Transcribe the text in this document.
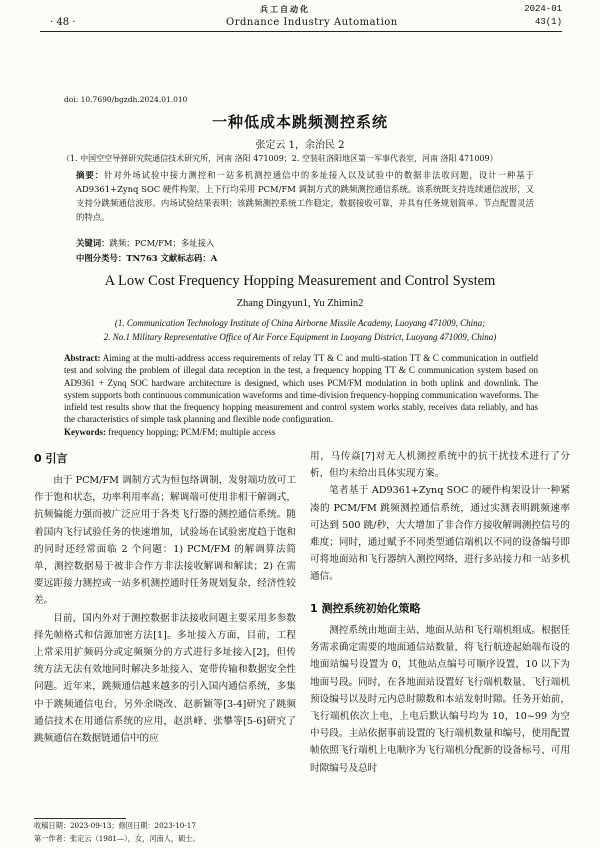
兵工自动化	2024-01
· 48 ·	Ordnance Industry Automation	43(1)
doi: 10.7690/bgzdh.2024.01.010
一种低成本跳频测控系统
张定云 1，余治民 2
（1. 中国空空导弹研究院通信技术研究所，河南 洛阳 471009；2. 空装驻洛阳地区第一军事代表室，河南 洛阳 471009）
摘要：针对外场试验中接力测控和一站多机测控通信中的多址接入以及试验中的数据非法收问题，设计一种基于 AD9361+Zynq SOC 硬件构架，上下行均采用 PCM/FM 调制方式的跳频测控通信系统。该系统既支持连续通信波形，又支持分跳频通信波形。内场试验结果表明：该跳频测控系统工作稳定，数据接收可靠，并具有任务规划简单、节点配置灵活的特点。
关键词：跳频；PCM/FM；多址接入
中图分类号：TN763 文献标志码：A
A Low Cost Frequency Hopping Measurement and Control System
Zhang Dingyun1, Yu Zhimin2
(1. Communication Technology Institute of China Airborne Missile Academy, Luoyang 471009, China;
2. No.1 Military Representative Office of Air Force Equipment in Luoyang District, Luoyang 471009, China)
Abstract: Aiming at the multi-address access requirements of relay TT & C and multi-station TT & C communication in outfield test and solving the problem of illegal data reception in the test, a frequency hopping TT & C communication system based on AD9361 + Zynq SOC hardware architecture is designed, which uses PCM/FM modulation in both uplink and downlink. The system supports both continuous communication waveforms and time-division frequency-hopping communication waveforms. The infield test results show that the frequency hopping measurement and control system works stably, receives data reliably, and has the characteristics of simple task planning and flexible node configuration.
Keywords: frequency hopping; PCM/FM; multiple access
0 引言

由于 PCM/FM 调制方式为恒包络调制，发射端功放可工作于饱和状态，功率利用率高；解调端可使用非相干解调式，抗频偏能力强而被广泛应用于各类飞行器的测控通信系统。随着国内飞行试验任务的快速增加，试验场在试验密度趋于饱和的同时还经常面临 2 个问题：1) PCM/FM 的解调算法简单，测控数据易于被非合作方非法接收解调和解读；2) 在需要远距接力测控或一站多机测控通时任务规划复杂，经济性较差。

目前，国内外对于测控数据非法接收问题主要采用多参数择先帧格式和信源加密方法[1]。多址接入方面，目前，工程上常采用扩频码分或定频频分的方式进行多址接入[2]，但传统方法无法有效地同时解决多址接入、宽带传输和数据安全性问题。近年来，跳频通信越来越多的引入国内通信系统，多集中于跳频通信电台，另外余晓改、赵新颖等[3-4]研究了跳频通信技术在用通信系统的应用，赵洪峰、张攀等[5-6]研究了跳频通信在数据链通信中的应

用，马传焱[7]对无人机测控系统中的抗干扰技术进行了分析，但均未给出具体实现方案。

笔者基于 AD9361+Zynq SOC 的硬件构架设计一种紧凑的 PCM/FM 跳频测控通信系统，通过实测表明跳频速率可达到 500 跳/秒，大大增加了非合作方接收解调测控信号的难度；同时，通过赋予不同类型通信端机以不同的设备编号即可将地面站和飞行器纳入测控网络，进行多站接力和一站多机通信。

1 测控系统初始化策略

测控系统由地面主站、地面从站和飞行端机组成。根据任务需求确定需要的地面通信站数量，将飞行航迹起始端布设的地面站编号设置为 0，其他站点编号可顺序设置，10 以下为地面号段。同时，在各地面站设置好飞行端机数量、飞行端机预设编号以及时元内总时隙数和本站发射时隙。任务开始前，飞行端机依次上电，上电后默认编号均为 10，10~99 为空中号段。主站依据事前设置的飞行端机数量和编号，使用配置帧依照飞行端机上电顺序为飞行端机分配新的设备标号、可用时隙编号及总时

收稿日期：2023-09-13；修回日期：2023-10-17
第一作者：张定云（1981—），女，河南人，硕士。
